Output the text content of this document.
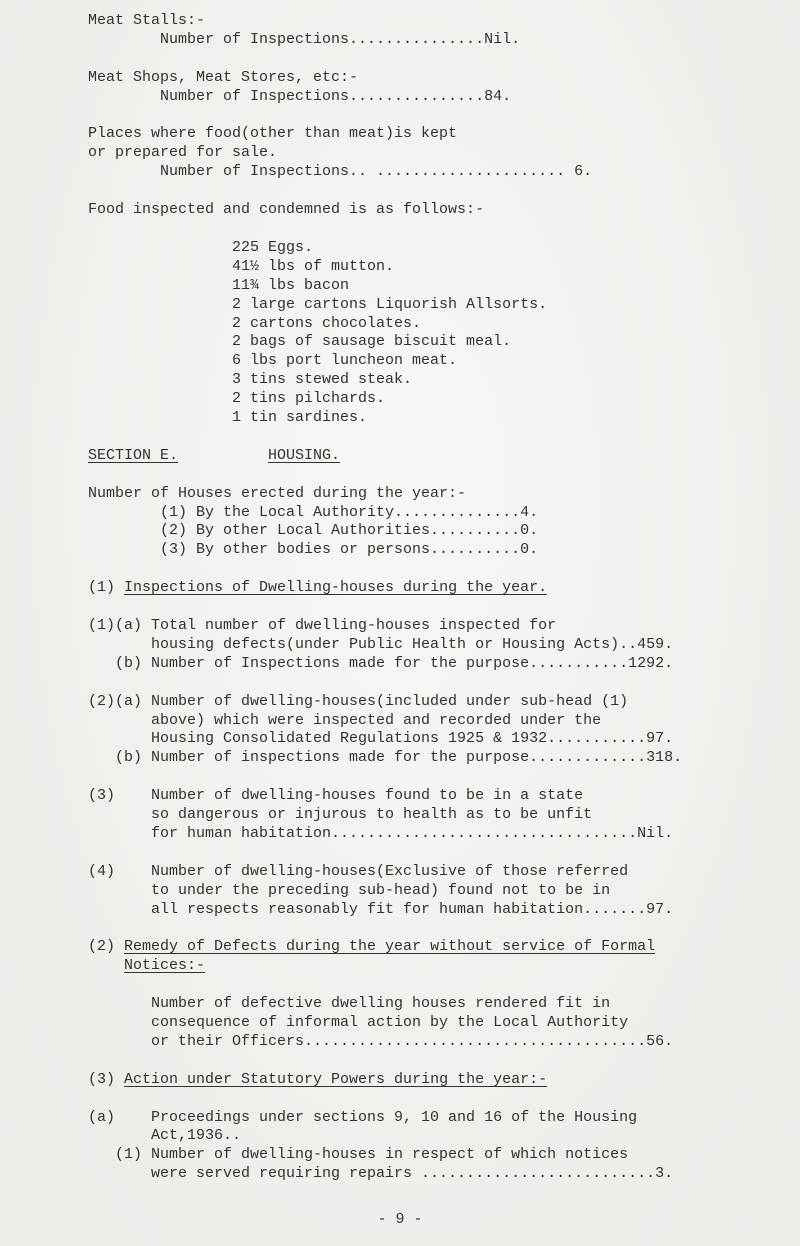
Meat Stalls:-
Number of Inspections...............Nil.

Meat Shops, Meat Stores, etc:-
Number of Inspections...............84.

Places where food(other than meat)is kept
or prepared for sale.
Number of Inspections.. ..................... 6.

Food inspected and condemned is as follows:-

225 Eggs.
41½ lbs of mutton.
11¾ lbs bacon
2 large cartons Liquorish Allsorts.
2 cartons chocolates.
2 bags of sausage biscuit meal.
6 lbs port luncheon meat.
3 tins stewed steak.
2 tins pilchards.
1 tin sardines.

SECTION E.	HOUSING.

Number of Houses erected during the year:-
(1) By the Local Authority..............4.
(2) By other Local Authorities..........0.
(3) By other bodies or persons..........0.

(1) Inspections of Dwelling-houses during the year.

(1)(a) Total number of dwelling-houses inspected for
housing defects(under Public Health or Housing Acts)..459.
(b) Number of Inspections made for the purpose...........1292.

(2)(a) Number of dwelling-houses(included under sub-head (1)
above) which were inspected and recorded under the
Housing Consolidated Regulations 1925 & 1932...........97.
(b) Number of inspections made for the purpose.............318.

(3)    Number of dwelling-houses found to be in a state
so dangerous or injurous to health as to be unfit
for human habitation..................................Nil.

(4)    Number of dwelling-houses(Exclusive of those referred
to under the preceding sub-head) found not to be in
all respects reasonably fit for human habitation.......97.

(2) Remedy of Defects during the year without service of Formal
Notices:-

Number of defective dwelling houses rendered fit in
consequence of informal action by the Local Authority
or their Officers......................................56.

(3) Action under Statutory Powers during the year:-

(a)    Proceedings under sections 9, 10 and 16 of the Housing
Act,1936..
(1) Number of dwelling-houses in respect of which notices
were served requiring repairs ..........................3.
- 9 -
